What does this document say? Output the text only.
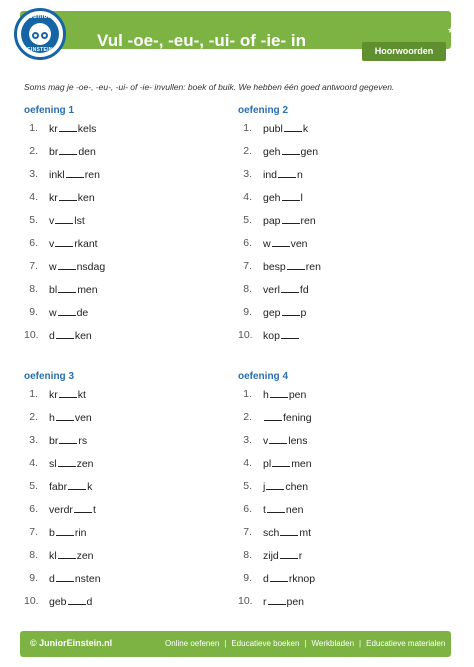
Vul -oe-, -eu-, -ui- of -ie- in
★★
Junior
EINSTEIN	Hoorwoorden
Soms mag je -oe-, -eu-, -ui- of -ie- invullen: boek of buik. We hebben één goed antwoord gegeven.
oefening 1
1. kr kels
2. br den
3. inkl ren
4. kr ken
5. v lst
6. v rkant
7. w nsdag
8. bl men
9. w de
10. d ken
oefening 2
1. publ k
2. geh gen
3. ind n
4. geh l
5. pap ren
6. w ven
7. besp ren
8. verl fd
9. gep p
10. kop
oefening 3
1. kr kt
2. h ven
3. br rs
4. sl zen
5. fabr k
6. verdr t
7. b rin
8. kl zen
9. d nsten
10. geb d
oefening 4
1. h pen
2.	fening
3. v lens
4. pl men
5. j chen
6. t nen
7. sch mt
8. zijd r
9. d rknop
10. r pen
© JuniorEinstein.nl	Online oefenen | Educatieve boeken | Werkbladen | Educatieve materialen
